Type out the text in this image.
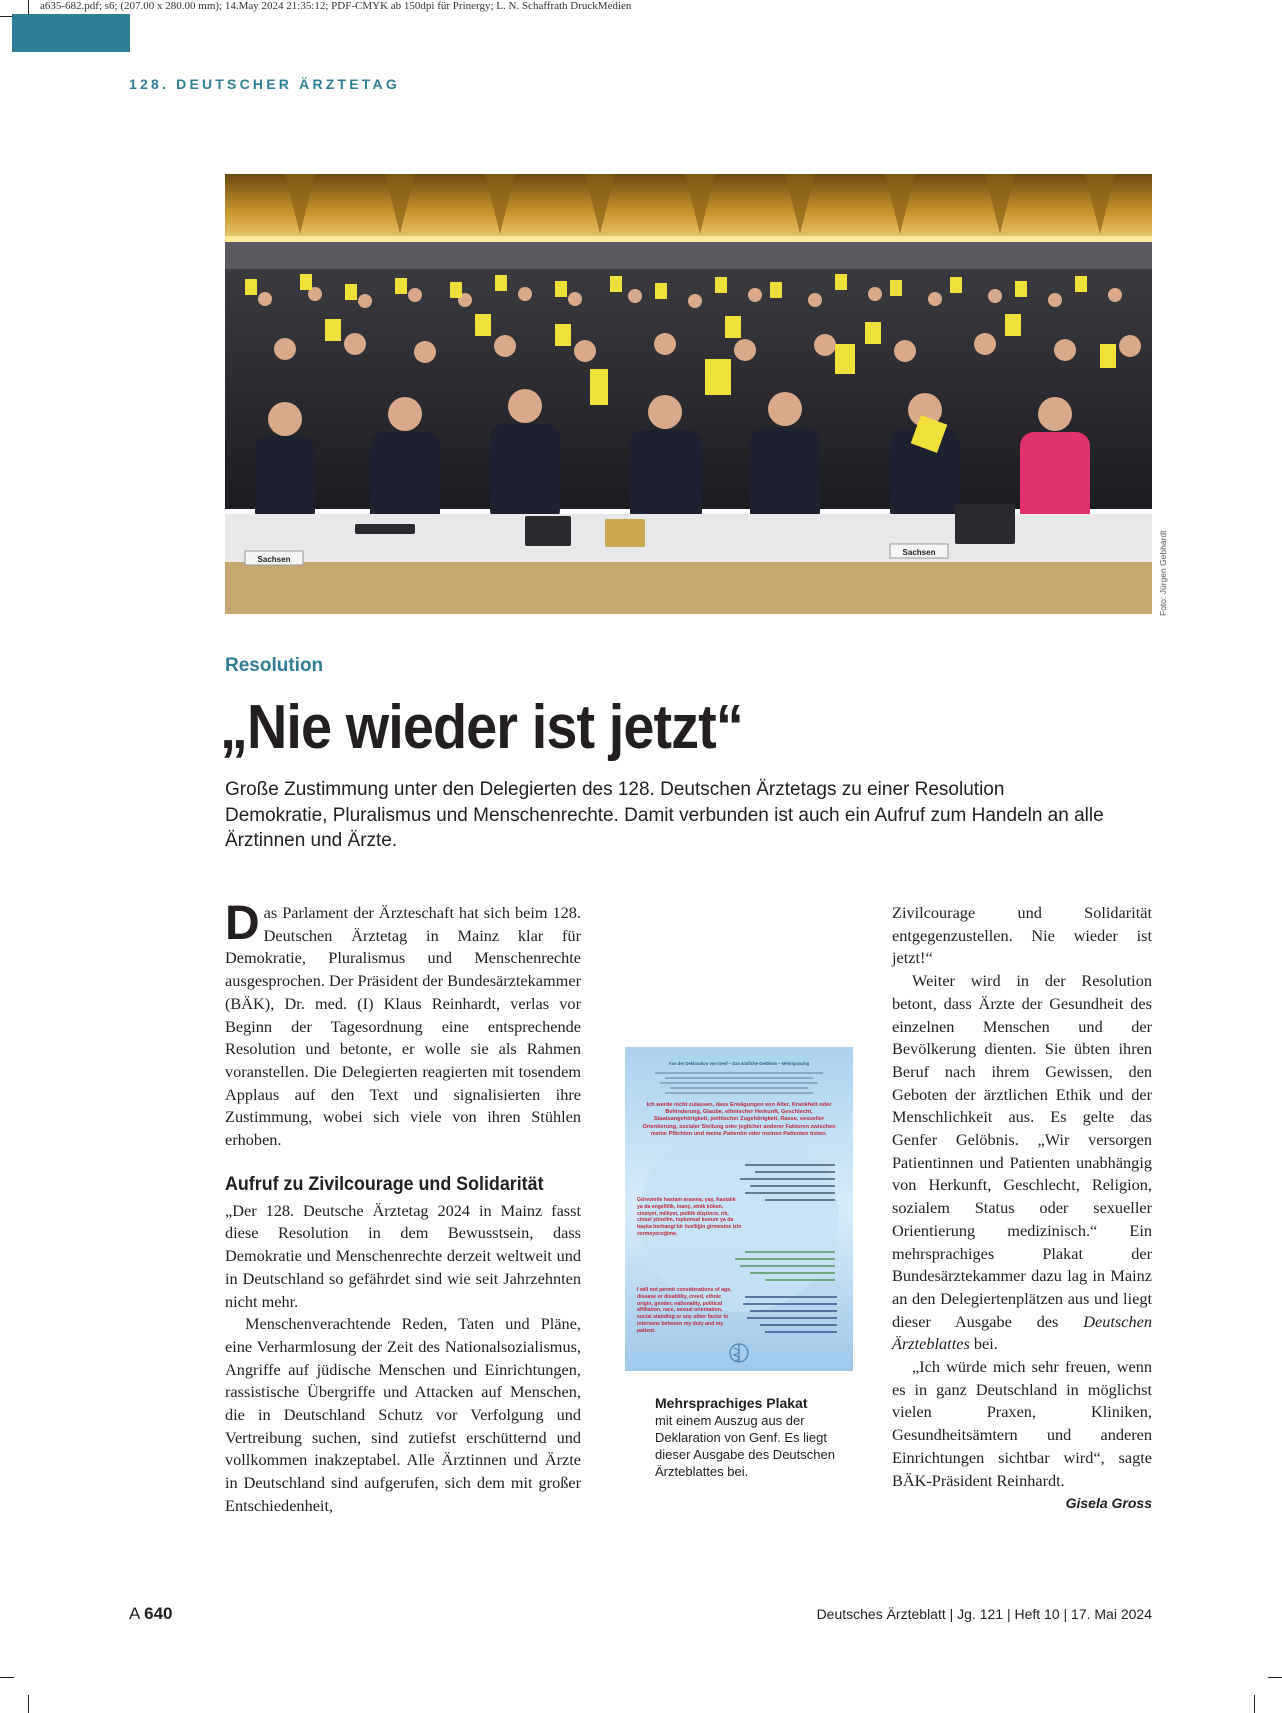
a635-682.pdf; s6; (207.00 x 280.00 mm); 14.May 2024 21:35:12; PDF-CMYK ab 150dpi für Prinergy; L. N. Schaffrath DruckMedien
128. DEUTSCHER ÄRZTETAG
Sachsen
Sachsen	Foto: Jürgen Gebhardt
Resolution
„Nie wieder ist jetzt“
Große Zustimmung unter den Delegierten des 128. Deutschen Ärztetags zu einer Resolution Demokratie, Pluralismus und Menschenrechte. Damit verbunden ist auch ein Aufruf zum Handeln an alle Ärztinnen und Ärzte.

Das Parlament der Ärzteschaft hat sich beim 128. Deutschen Ärztetag in Mainz klar für Demokratie, Pluralismus und Menschenrechte ausgesprochen. Der Präsident der Bundesärztekammer (BÄK), Dr. med. (I) Klaus Reinhardt, verlas vor Beginn der Tagesordnung eine entsprechende Resolution und betonte, er wolle sie als Rahmen voranstellen. Die Delegierten reagierten mit tosendem Applaus auf den Text und signalisierten ihre Zustimmung, wobei sich viele von ihren Stühlen erhoben.

Aufruf zu Zivilcourage und Solidarität

„Der 128. Deutsche Ärztetag 2024 in Mainz fasst diese Resolution in dem Bewusstsein, dass Demokratie und Menschenrechte derzeit weltweit und in Deutschland so gefährdet sind wie seit Jahrzehnten nicht mehr.

Menschenverachtende Reden, Taten und Pläne, eine Verharmlosung der Zeit des Nationalsozialismus, Angriffe auf jüdische Menschen und Einrichtungen, rassistische Übergriffe und Attacken auf Menschen, die in Deutschland Schutz vor Verfolgung und Vertreibung suchen, sind zutiefst erschütternd und vollkommen inakzeptabel. Alle Ärztinnen und Ärzte in Deutschland sind aufgerufen, sich dem mit großer Entschiedenheit,

Zivilcourage und Solidarität entgegenzustellen. Nie wieder ist jetzt!“

Weiter wird in der Resolution betont, dass Ärzte der Gesundheit des einzelnen Menschen und der Bevölkerung dienten. Sie übten ihren Beruf nach ihrem Gewissen, den Geboten der ärztlichen Ethik und der Menschlichkeit aus. Es gelte das Genfer Gelöbnis. „Wir versorgen Patientinnen und Patienten unabhängig von Herkunft, Geschlecht, Religion, sozialem Status oder sexueller Orientierung medizinisch.“ Ein mehrsprachiges Plakat der Bundesärztekammer dazu lag in Mainz an den Delegiertenplätzen aus und liegt dieser Ausgabe des Deutschen Ärzteblattes bei.

„Ich würde mich sehr freuen, wenn es in ganz Deutschland in möglichst vielen Praxen, Kliniken, Gesundheitsämtern und anderen Einrichtungen sichtbar wird“, sagte BÄK-Präsident Reinhardt.
Gisela Gross

Aus der Deklaration von Genf – Das ärztliche Gelöbnis – Mehrsprachig
Ich werde nicht zulassen, dass Erwägungen von Alter, Krankheit oder Behinderung, Glaube, ethnischer Herkunft, Geschlecht, Staatsangehörigkeit, politischer Zugehörigkeit, Rasse, sexueller Orientierung, sozialer Stellung oder jeglicher anderer Faktoren zwischen meine Pflichten und meine Patientin oder meinen Patienten treten.
Görevimle hastam arasına; yaş, hastalık ya da engellilik, inanç, etnik köken, cinsiyet, milliyet, politik düşünce, ırk, cinsel yönelim, toplumsal konum ya da başka herhangi bir özelliğin girmesine izin vermeyeceğime.
I will not permit considerations of age, disease or disability, creed, ethnic origin, gender, nationality, political affiliation, race, sexual orientation, social standing or any other factor to intervene between my duty and my patient.
Mehrsprachiges Plakat
mit einem Auszug aus der Deklaration von Genf. Es liegt dieser Ausgabe des Deutschen Ärzteblattes bei.
A 640	Deutsches Ärzteblatt | Jg. 121 | Heft 10 | 17. Mai 2024
